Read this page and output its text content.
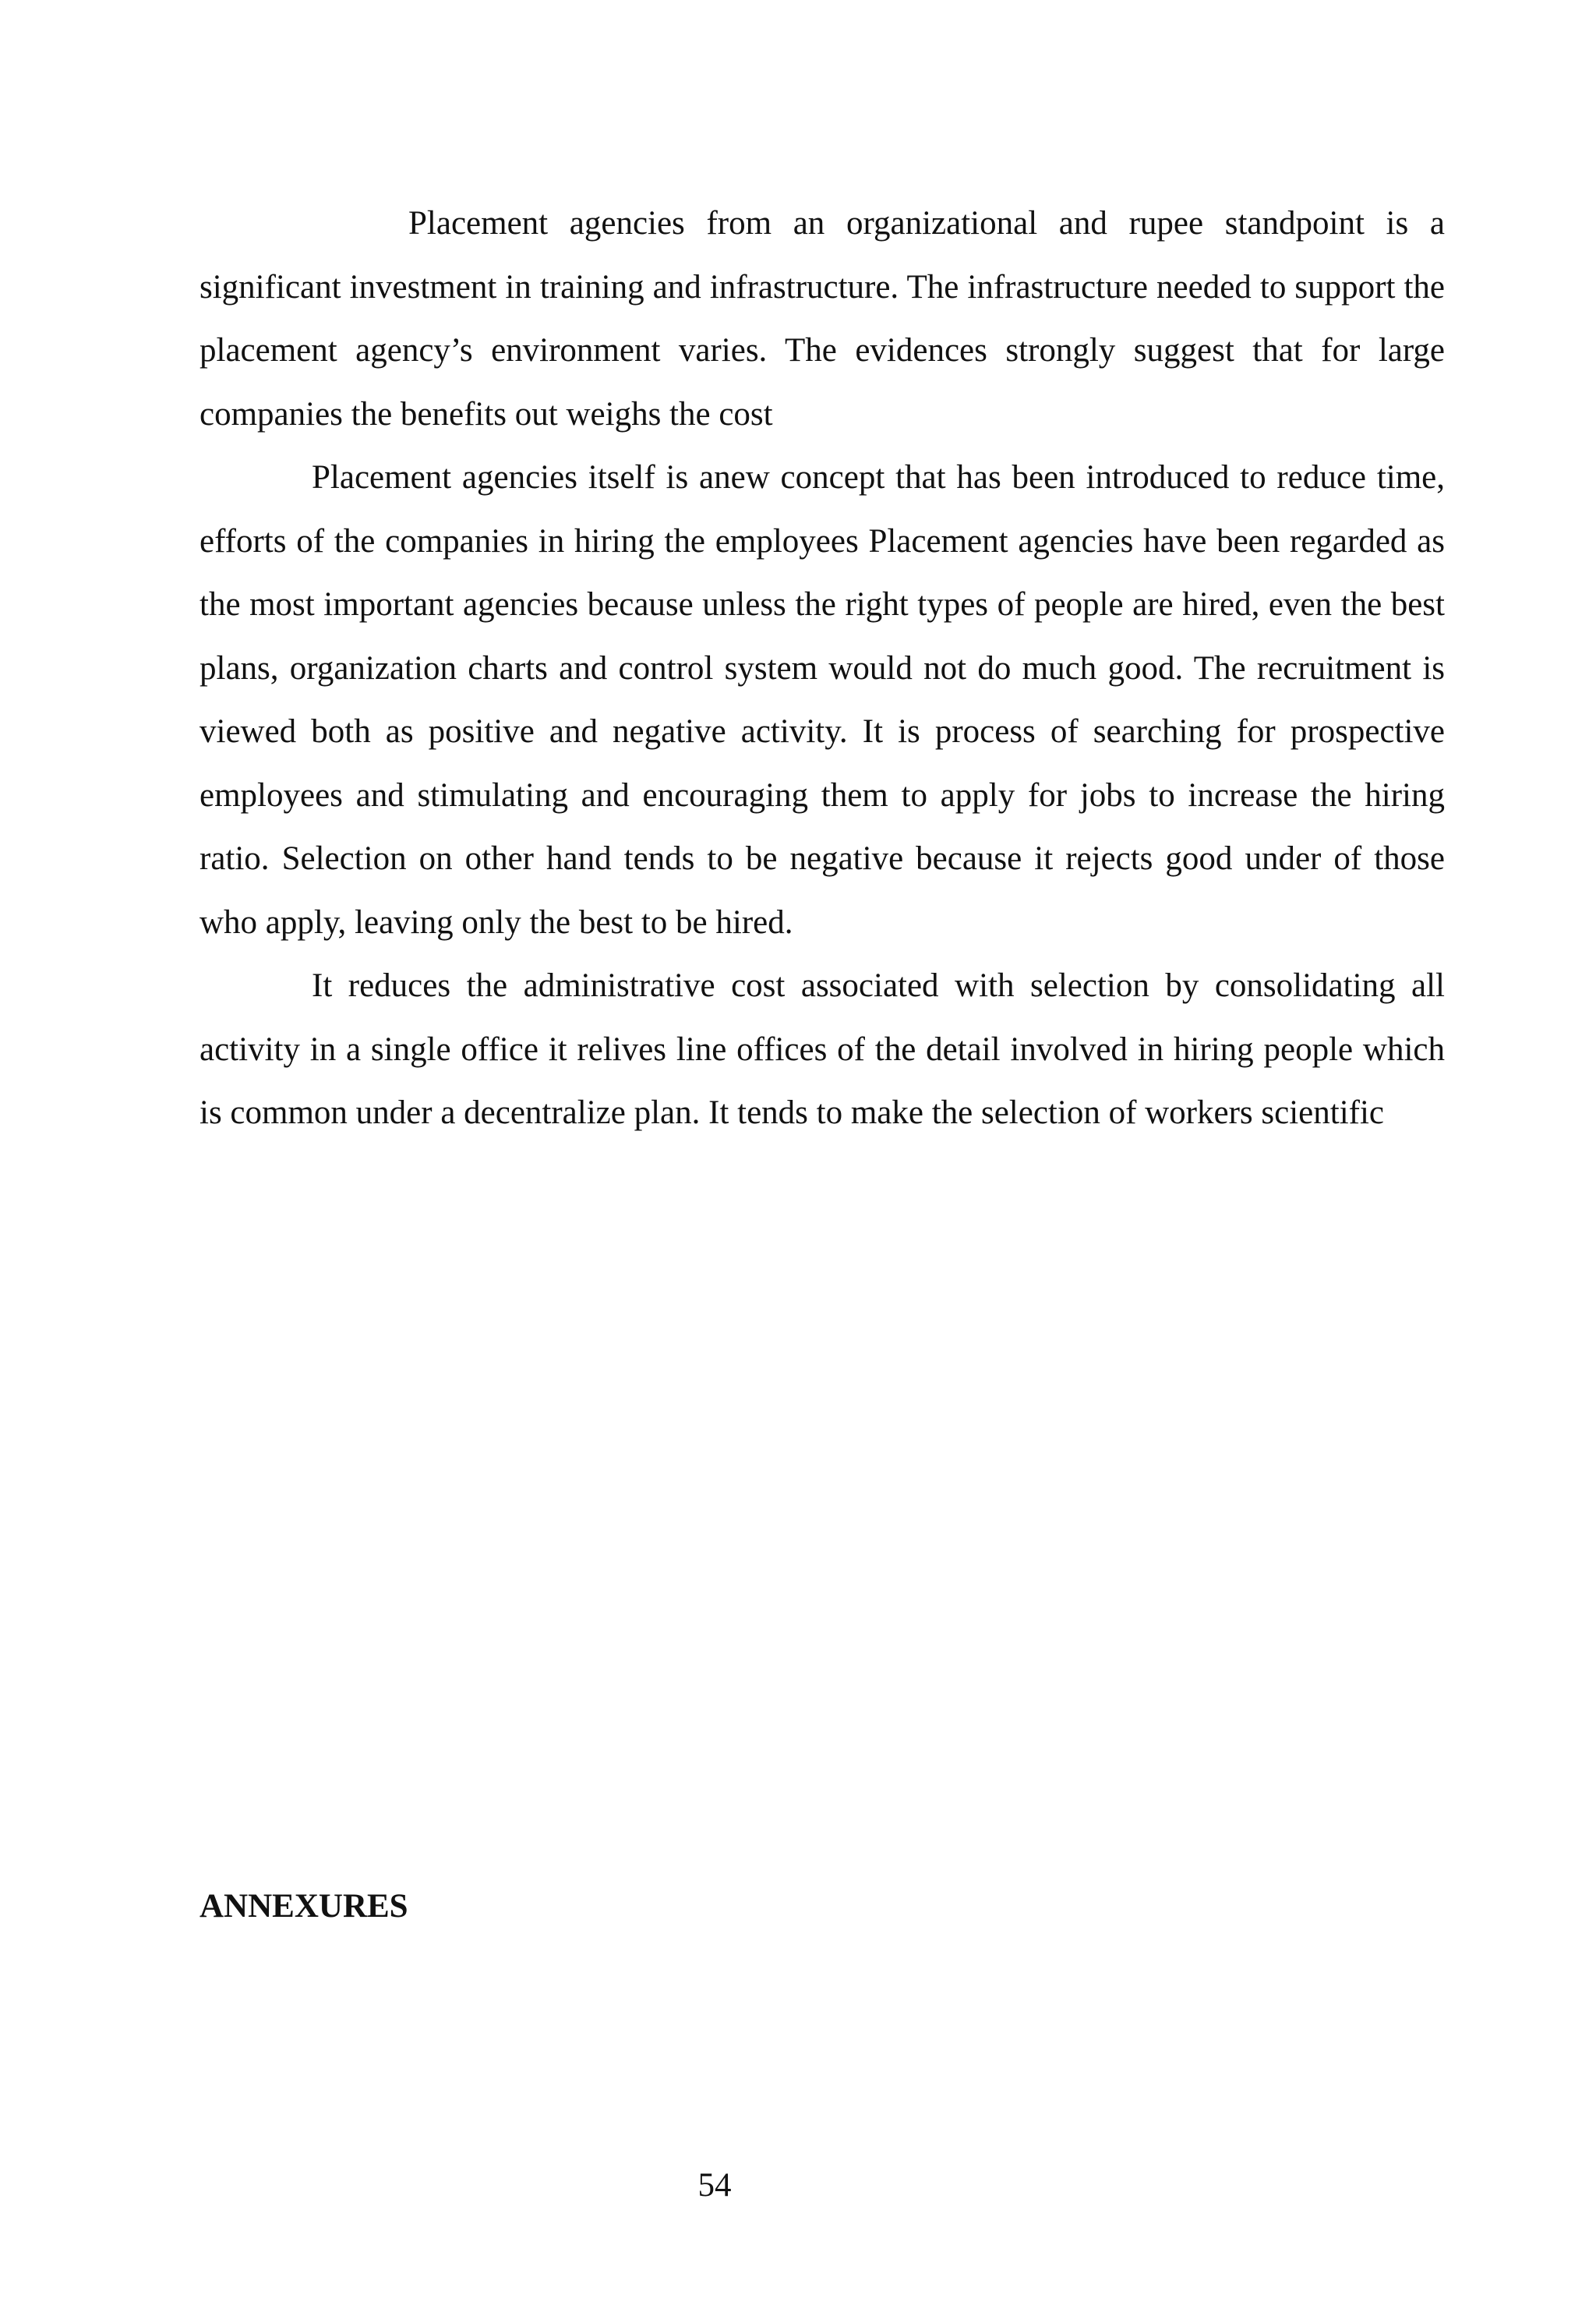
Placement agencies from an organizational and rupee standpoint is a significant investment in training and infrastructure. The infrastructure needed to support the placement agency’s environment varies. The evidences strongly suggest that for large companies the benefits out weighs the cost

Placement agencies itself is anew concept that has been introduced to reduce time, efforts of the companies in hiring the employees Placement agencies have been regarded as the most important agencies because unless the right types of people are hired, even the best plans, organization charts and control system would not do much good. The recruitment is viewed both as positive and negative activity. It is process of searching for prospective employees and stimulating and encouraging them to apply for jobs to increase the hiring ratio. Selection on other hand tends to be negative because it rejects good under of those who apply, leaving only the best to be hired.

It reduces the administrative cost associated with selection by consolidating all activity in a single office it relives line offices of the detail involved in hiring people which is common under a decentralize plan. It tends to make the selection of workers scientific

ANNEXURES
54
